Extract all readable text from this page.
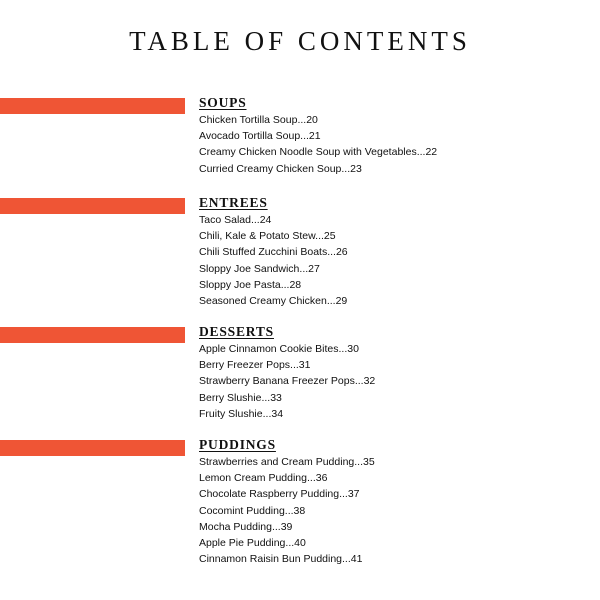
TABLE OF CONTENTS
SOUPS
Chicken Tortilla Soup...20
Avocado Tortilla Soup...21
Creamy Chicken Noodle Soup with Vegetables...22
Curried Creamy Chicken Soup...23
ENTREES
Taco Salad...24
Chili, Kale & Potato Stew...25
Chili Stuffed Zucchini Boats...26
Sloppy Joe Sandwich...27
Sloppy Joe Pasta...28
Seasoned Creamy Chicken...29
DESSERTS
Apple Cinnamon Cookie Bites...30
Berry Freezer Pops...31
Strawberry Banana Freezer Pops...32
Berry Slushie...33
Fruity Slushie...34
PUDDINGS
Strawberries and Cream Pudding...35
Lemon Cream Pudding...36
Chocolate Raspberry Pudding...37
Cocomint Pudding...38
Mocha Pudding...39
Apple Pie Pudding...40
Cinnamon Raisin Bun Pudding...41
